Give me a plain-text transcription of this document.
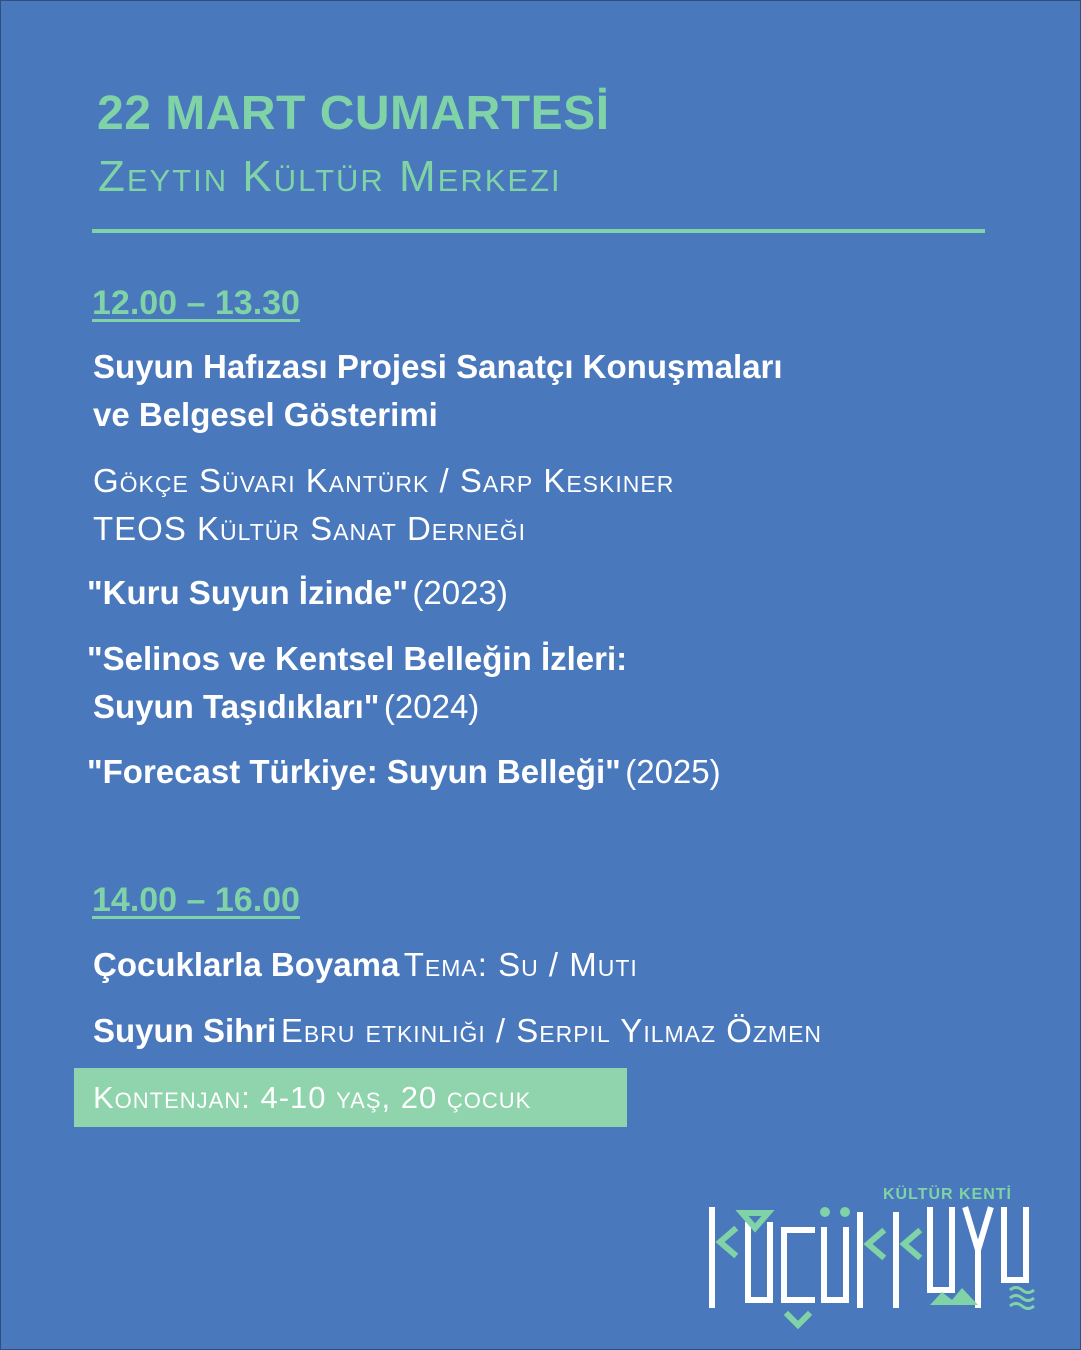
22 MART CUMARTESİ
Zeytin Kültür Merkezi
12.00 – 13.30
Suyun Hafızası Projesi Sanatçı Konuşmaları
ve Belgesel Gösterimi
Gökçe Süvari Kantürk / Sarp Keskiner
TEOS Kültür Sanat Derneği
"Kuru Suyun İzinde" (2023)
"Selinos ve Kentsel Belleğin İzleri:
Suyun Taşıdıkları" (2024)
"Forecast Türkiye: Suyun Belleği" (2025)
14.00 – 16.00
Çocuklarla Boyama Tema: Su / Muti
Suyun Sihri Ebru etkinliği / Serpil Yılmaz Özmen
Kontenjan: 4-10 yaş, 20 çocuk
KÜLTÜR KENTİ
